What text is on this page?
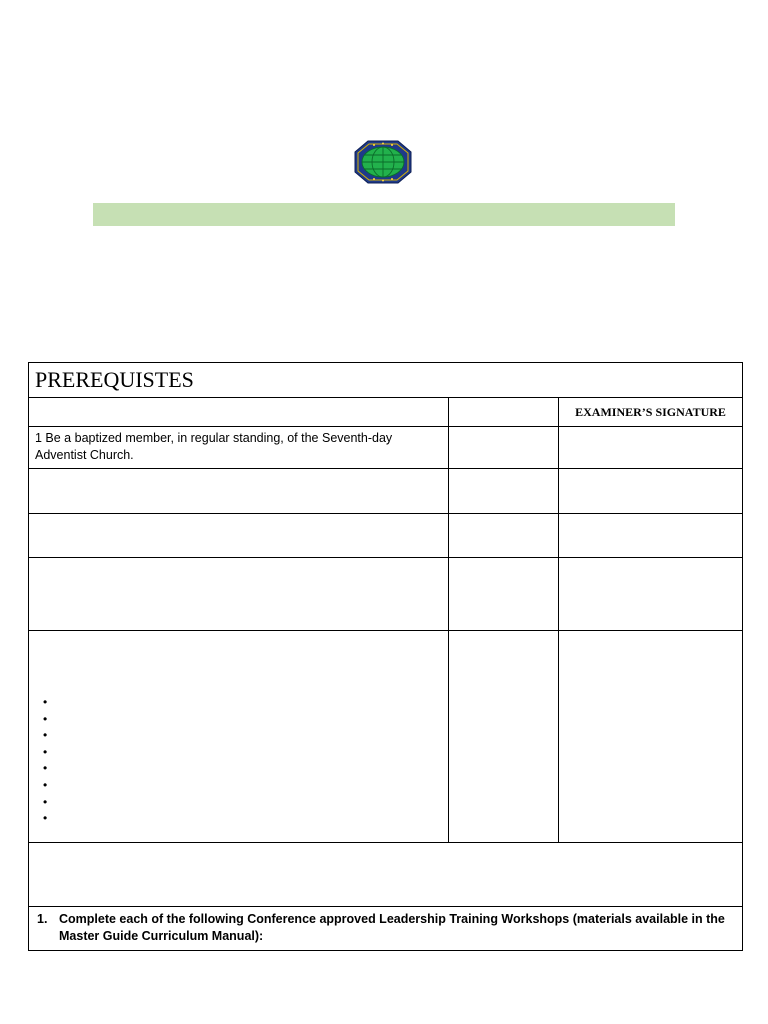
PREREQUISTES		
		EXAMINER’S SIGNATURE
1 Be a baptized member, in regular standing, of the Seventh-day Adventist Church.		

•
•
•
•
•
•
•
•

1. Complete each of the following Conference approved Leadership Training Workshops (materials available in the Master Guide Curriculum Manual):		
